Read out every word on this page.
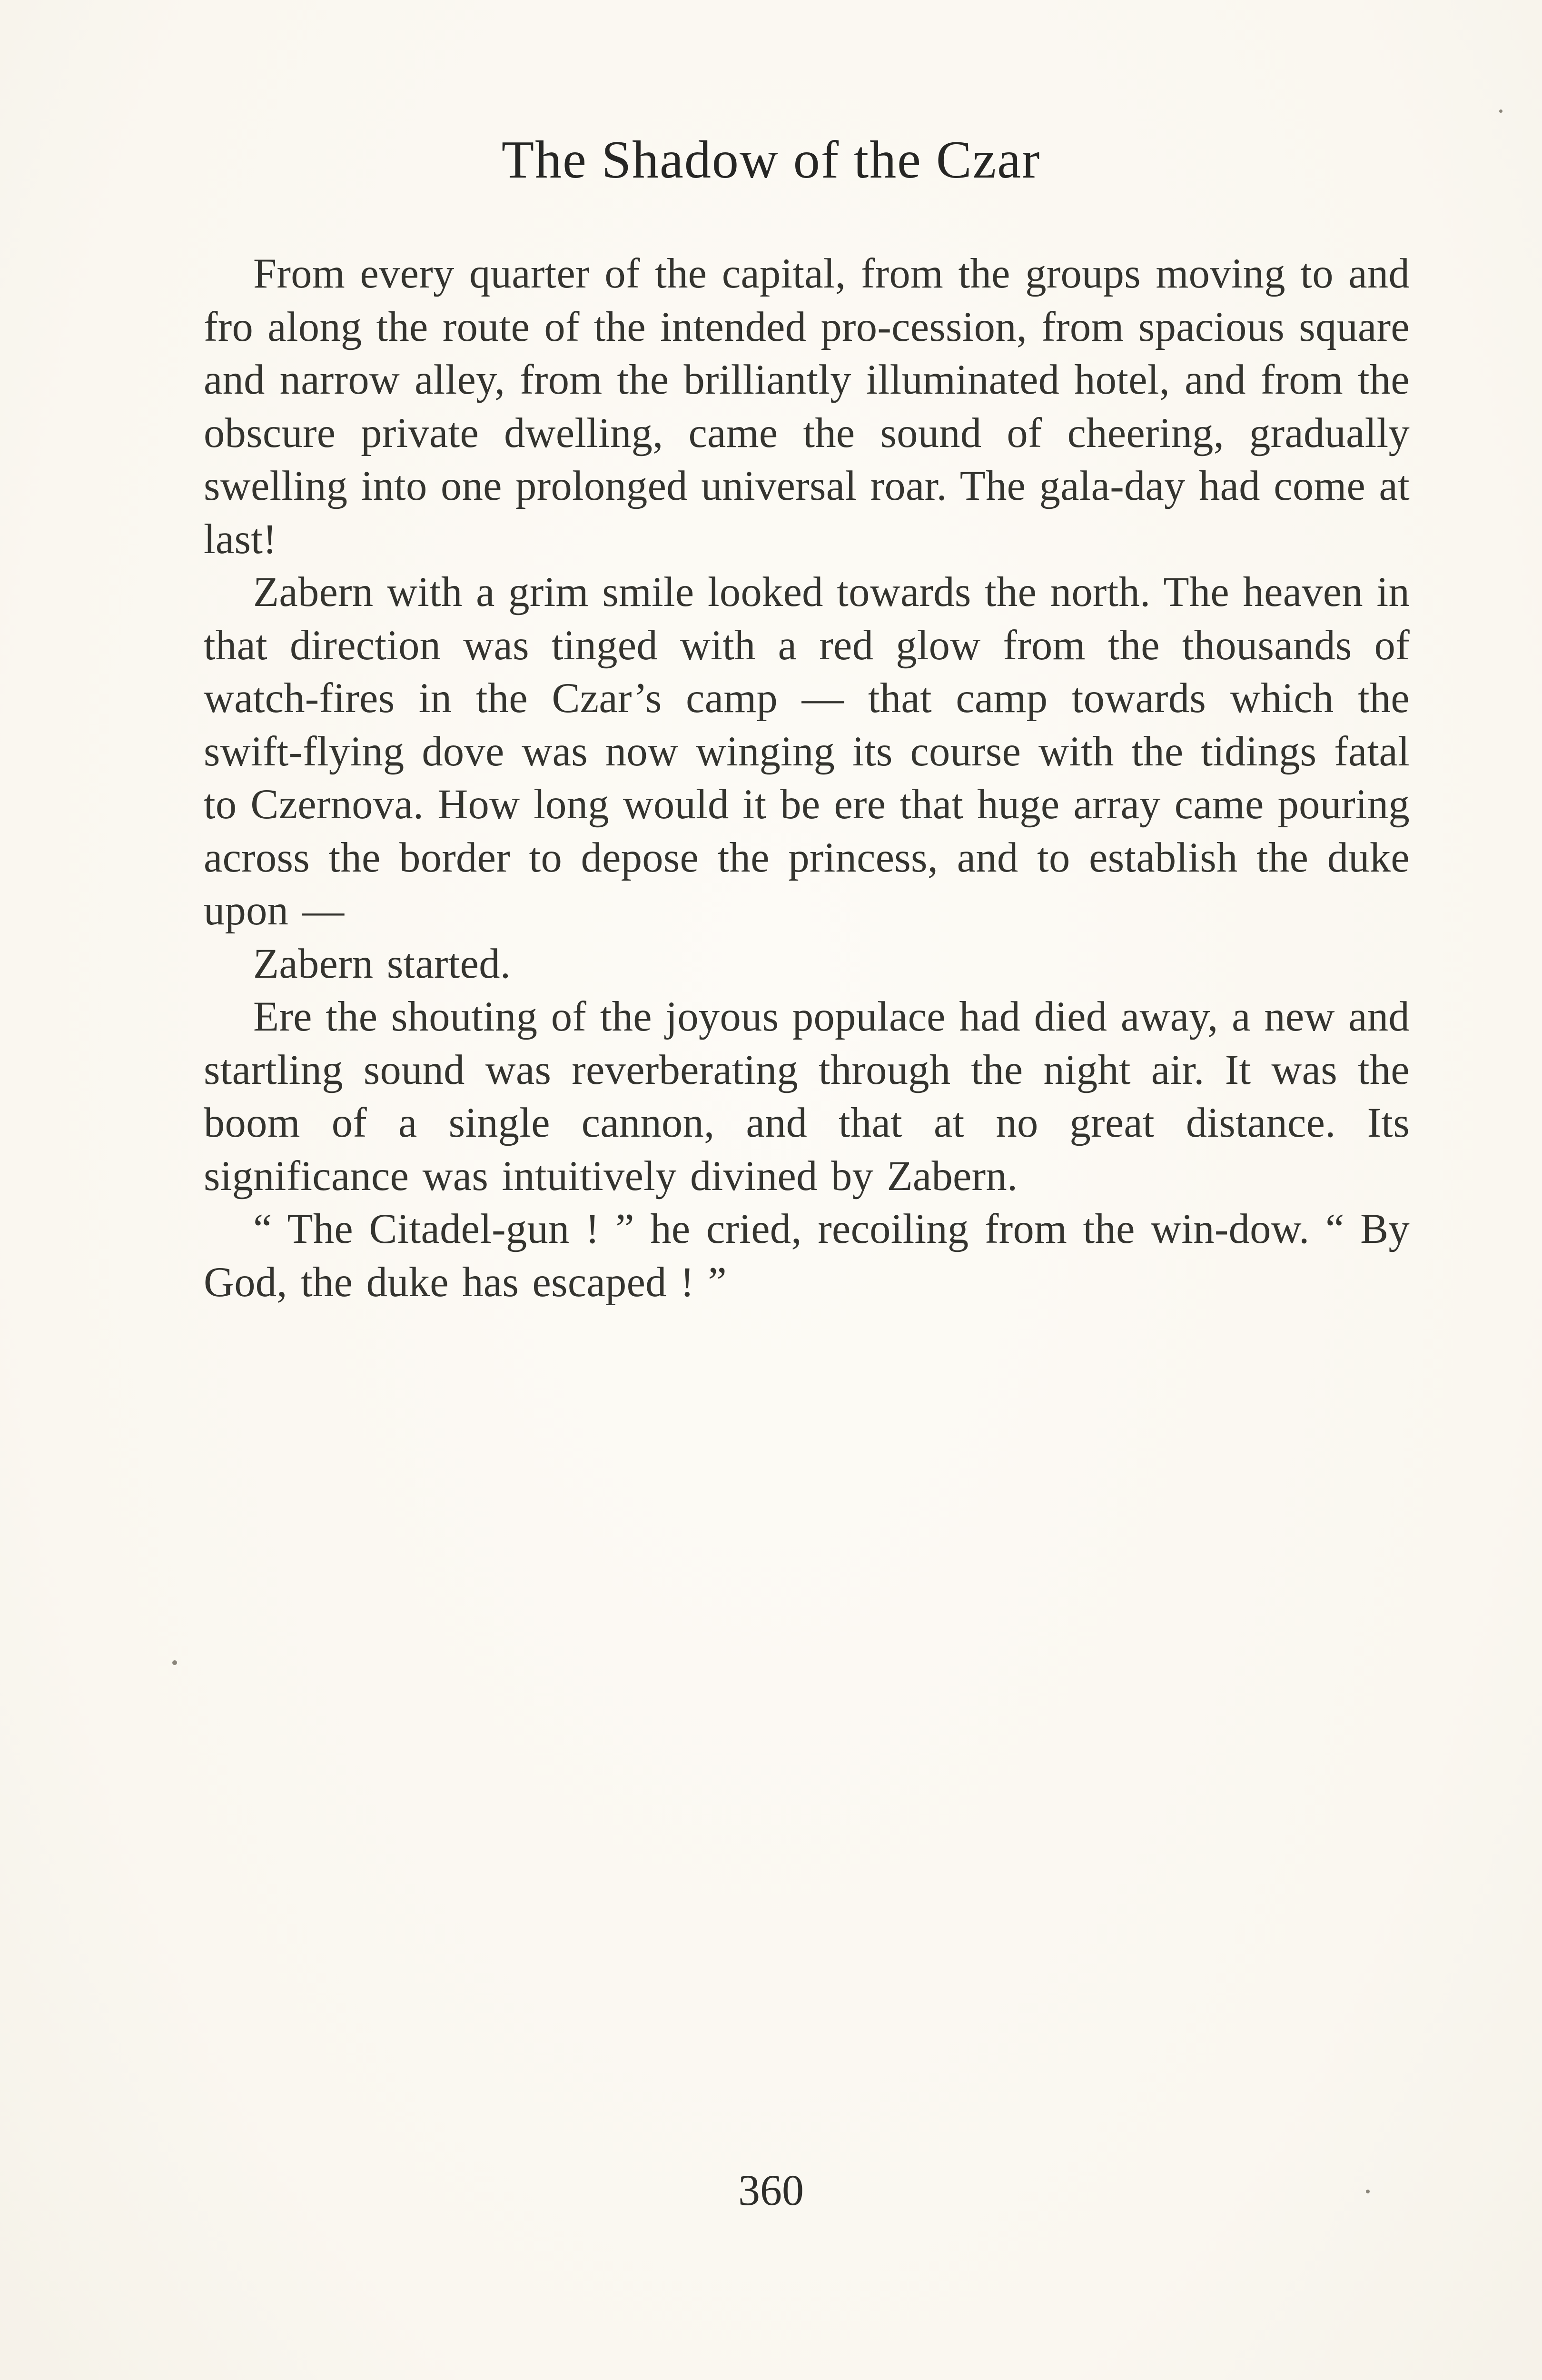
The Shadow of the Czar

From every quarter of the capital, from the groups moving to and fro along the route of the intended pro-cession, from spacious square and narrow alley, from the brilliantly illuminated hotel, and from the obscure private dwelling, came the sound of cheering, gradually swelling into one prolonged universal roar. The gala-day had come at last!

Zabern with a grim smile looked towards the north. The heaven in that direction was tinged with a red glow from the thousands of watch-fires in the Czar’s camp — that camp towards which the swift-flying dove was now winging its course with the tidings fatal to Czernova. How long would it be ere that huge array came pouring across the border to depose the princess, and to establish the duke upon —

Zabern started.

Ere the shouting of the joyous populace had died away, a new and startling sound was reverberating through the night air. It was the boom of a single cannon, and that at no great distance. Its significance was intuitively divined by Zabern.

“ The Citadel-gun ! ” he cried, recoiling from the win-dow. “ By God, the duke has escaped ! ”

360
